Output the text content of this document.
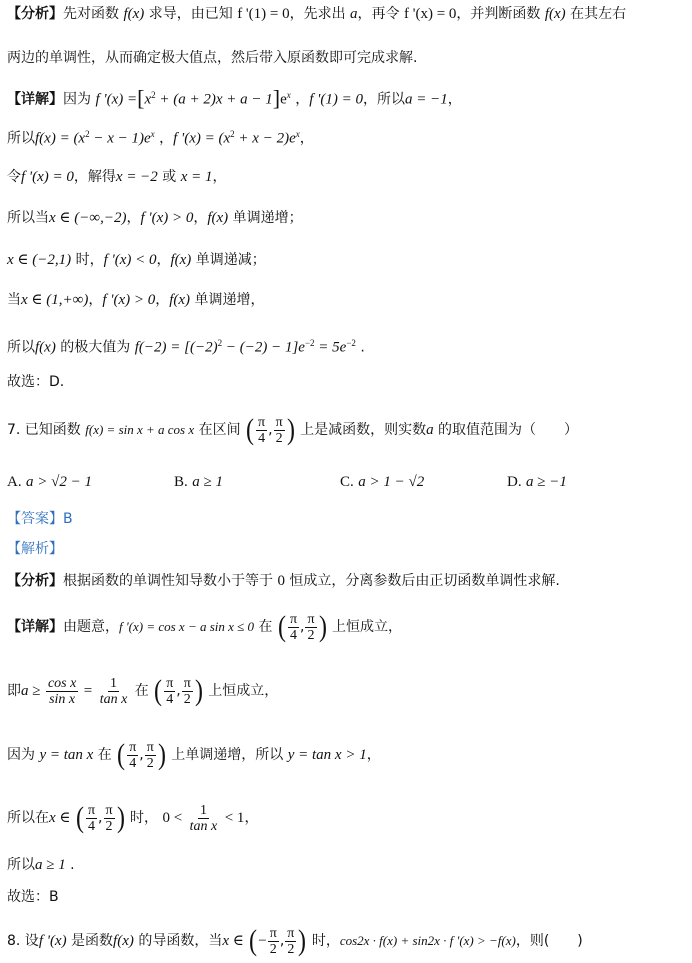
【分析】先对函数 f(x) 求导，由已知 f '(1) = 0，先求出 a，再令 f '(x) = 0，并判断函数 f(x) 在其左右
两边的单调性，从而确定极大值点，然后带入原函数即可完成求解.
【详解】因为 f '$(x) =[x^2 + (a + 2)x + a - 1]e^x$ ，f '(1) = 0，所以a = −1，
所以$f(x) = (x^2 - x - 1)e^x$ ，f '$(x) = (x^2 + x - 2)e^x$，
令f '(x) = 0，解得x = −2 或 x = 1，
所以当x ∈ (−∞,−2)，f '(x) > 0，f(x) 单调递增；
x ∈ (−2,1) 时，f '(x) < 0，f(x) 单调递减；
当x ∈ (1,+∞)，f '(x) > 0，f(x) 单调递增，
所以f(x) 的极大值为 $f(-2) = [(-2)^2 - (-2) - 1]e^{-2} = 5e^{-2}$ .
故选：D.
7. 已知函数 f(x) = sin x + a cos x 在区间 ( $\frac{\pi}{4}$ , $\frac{\pi}{2}$ ) 上是减函数，则实数a 的取值范围为（　　）
A. a > √2 − 1	B. a ≥ 1	C. a > 1 − √2	D. a ≥ −1
【答案】B
【解析】
【分析】根据函数的单调性知导数小于等于 0 恒成立，分离参数后由正切函数单调性求解.
【详解】由题意，f '(x) = cos x − a sin x ≤ 0 在 ( $\frac{\pi}{4}$ , $\frac{\pi}{2}$ ) 上恒成立，
即$a \ge \frac{\text{cos x}}{\text{sin x}} = \frac{1}{\text{tan x}}$ 在 ( $\frac{\pi}{4}$ , $\frac{\pi}{2}$ ) 上恒成立，
因为 y = tan x 在 ( $\frac{\pi}{4}$ , $\frac{\pi}{2}$ ) 上单调递增，所以 y = tan x > 1，
所以在x ∈ ( $\frac{\pi}{4}$ , $\frac{\pi}{2}$ ) 时， $0 < \frac{1}{\text{tan x}} < 1$，
所以a ≥ 1 .
故选：B
8. 设f '(x) 是函数f(x) 的导函数，当x ∈ ( − $\frac{\pi}{2}$ , $\frac{\pi}{2}$ ) 时，cos2x · f(x) + sin2x · f '(x) > −f(x)，则(　　)
